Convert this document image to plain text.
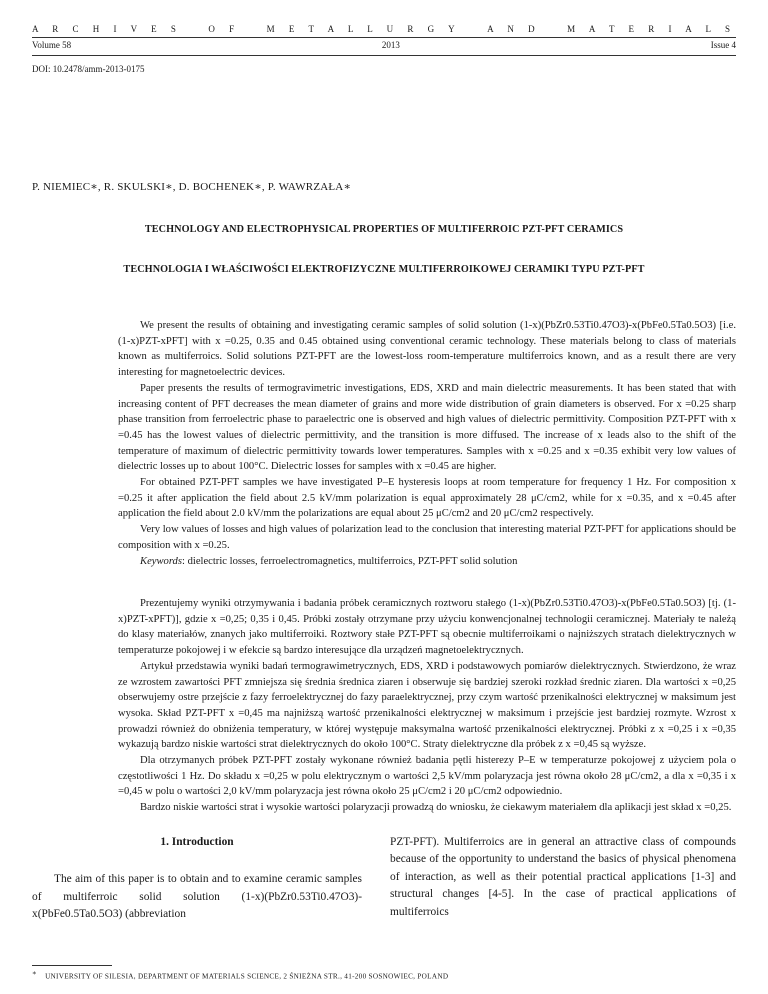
A R C H I V E S	O F	M E T A L L U R G Y	A N D	M A T E R I A L S
Volume 58	2013	Issue 4
DOI: 10.2478/amm-2013-0175
P. NIEMIEC∗, R. SKULSKI∗, D. BOCHENEK∗, P. WAWRZAŁA∗
TECHNOLOGY AND ELECTROPHYSICAL PROPERTIES OF MULTIFERROIC PZT-PFT CERAMICS
TECHNOLOGIA I WŁAŚCIWOŚCI ELEKTROFIZYCZNE MULTIFERROIKOWEJ CERAMIKI TYPU PZT-PFT

We present the results of obtaining and investigating ceramic samples of solid solution (1-x)(PbZr0.53Ti0.47O3)-x(PbFe0.5Ta0.5O3) [i.e. (1-x)PZT-xPFT] with x =0.25, 0.35 and 0.45 obtained using conventional ceramic technology. These materials belong to class of materials known as multiferroics. Solid solutions PZT-PFT are the lowest-loss room-temperature multiferroics known, and as a result there are very interesting for magnetoelectric devices.

Paper presents the results of termogravimetric investigations, EDS, XRD and main dielectric measurements. It has been stated that with increasing content of PFT decreases the mean diameter of grains and more wide distribution of grain diameters is observed. For x =0.25 sharp phase transition from ferroelectric phase to paraelectric one is observed and high values of dielectric permittivity. Composition PZT-PFT with x =0.45 has the lowest values of dielectric permittivity, and the transition is more diffused. The increase of x leads also to the shift of the temperature of maximum of dielectric permittivity towards lower temperatures. Samples with x =0.25 and x =0.35 exhibit very low values of dielectric losses up to about 100°C. Dielectric losses for samples with x =0.45 are higher.

For obtained PZT-PFT samples we have investigated P–E hysteresis loops at room temperature for frequency 1 Hz. For composition x =0.25 it after application the field about 2.5 kV/mm polarization is equal approximately 28 μC/cm2, while for x =0.35, and x =0.45 after application the field about 2.0 kV/mm the polarizations are equal about 25 μC/cm2 and 20 μC/cm2 respectively.

Very low values of losses and high values of polarization lead to the conclusion that interesting material PZT-PFT for applications should be composition with x =0.25.

Keywords: dielectric losses, ferroelectromagnetics, multiferroics, PZT-PFT solid solution

Prezentujemy wyniki otrzymywania i badania próbek ceramicznych roztworu stałego (1-x)(PbZr0.53Ti0.47O3)-x(PbFe0.5Ta0.5O3) [tj. (1-x)PZT-xPFT)], gdzie x =0,25; 0,35 i 0,45. Próbki zostały otrzymane przy użyciu konwencjonalnej technologii ceramicznej. Materiały te należą do klasy materiałów, znanych jako multiferroiki. Roztwory stałe PZT-PFT są obecnie multiferroikami o najniższych stratach dielektrycznych w temperaturze pokojowej i w efekcie są bardzo interesujące dla urządzeń magnetoelektrycznych.

Artykuł przedstawia wyniki badań termograwimetrycznych, EDS, XRD i podstawowych pomiarów dielektrycznych. Stwierdzono, że wraz ze wzrostem zawartości PFT zmniejsza się średnia średnica ziaren i obserwuje się bardziej szeroki rozkład średnic ziaren. Dla wartości x =0,25 obserwujemy ostre przejście z fazy ferroelektrycznej do fazy paraelektrycznej, przy czym wartość przenikalności elektrycznej w maksimum jest wysoka. Skład PZT-PFT x =0,45 ma najniższą wartość przenikalności elektrycznej w maksimum i przejście jest bardziej rozmyte. Wzrost x prowadzi również do obniżenia temperatury, w której występuje maksymalna wartość przenikalności elektrycznej. Próbki z x =0,25 i x =0,35 wykazują bardzo niskie wartości strat dielektrycznych do około 100°C. Straty dielektryczne dla próbek z x =0,45 są wyższe.

Dla otrzymanych próbek PZT-PFT zostały wykonane również badania pętli histerezy P–E w temperaturze pokojowej z użyciem pola o częstotliwości 1 Hz. Do składu x =0,25 w polu elektrycznym o wartości 2,5 kV/mm polaryzacja jest równa około 28 μC/cm2, a dla x =0,35 i x =0,45 w polu o wartości 2,0 kV/mm polaryzacja jest równa około 25 μC/cm2 i 20 μC/cm2 odpowiednio.

Bardzo niskie wartości strat i wysokie wartości polaryzacji prowadzą do wniosku, że ciekawym materiałem dla aplikacji jest skład x =0,25.

1. Introduction

The aim of this paper is to obtain and to examine ceramic samples of multiferroic solid solution (1-x)(PbZr0.53Ti0.47O3)-x(PbFe0.5Ta0.5O3) (abbreviation

PZT-PFT). Multiferroics are in general an attractive class of compounds because of the opportunity to understand the basics of physical phenomena of interaction, as well as their potential practical applications [1-3] and structural changes [4-5]. In the case of practical applications of multiferroics

∗ UNIVERSITY OF SILESIA, DEPARTMENT OF MATERIALS SCIENCE, 2 ŚNIEŻNA STR., 41-200 SOSNOWIEC, POLAND
